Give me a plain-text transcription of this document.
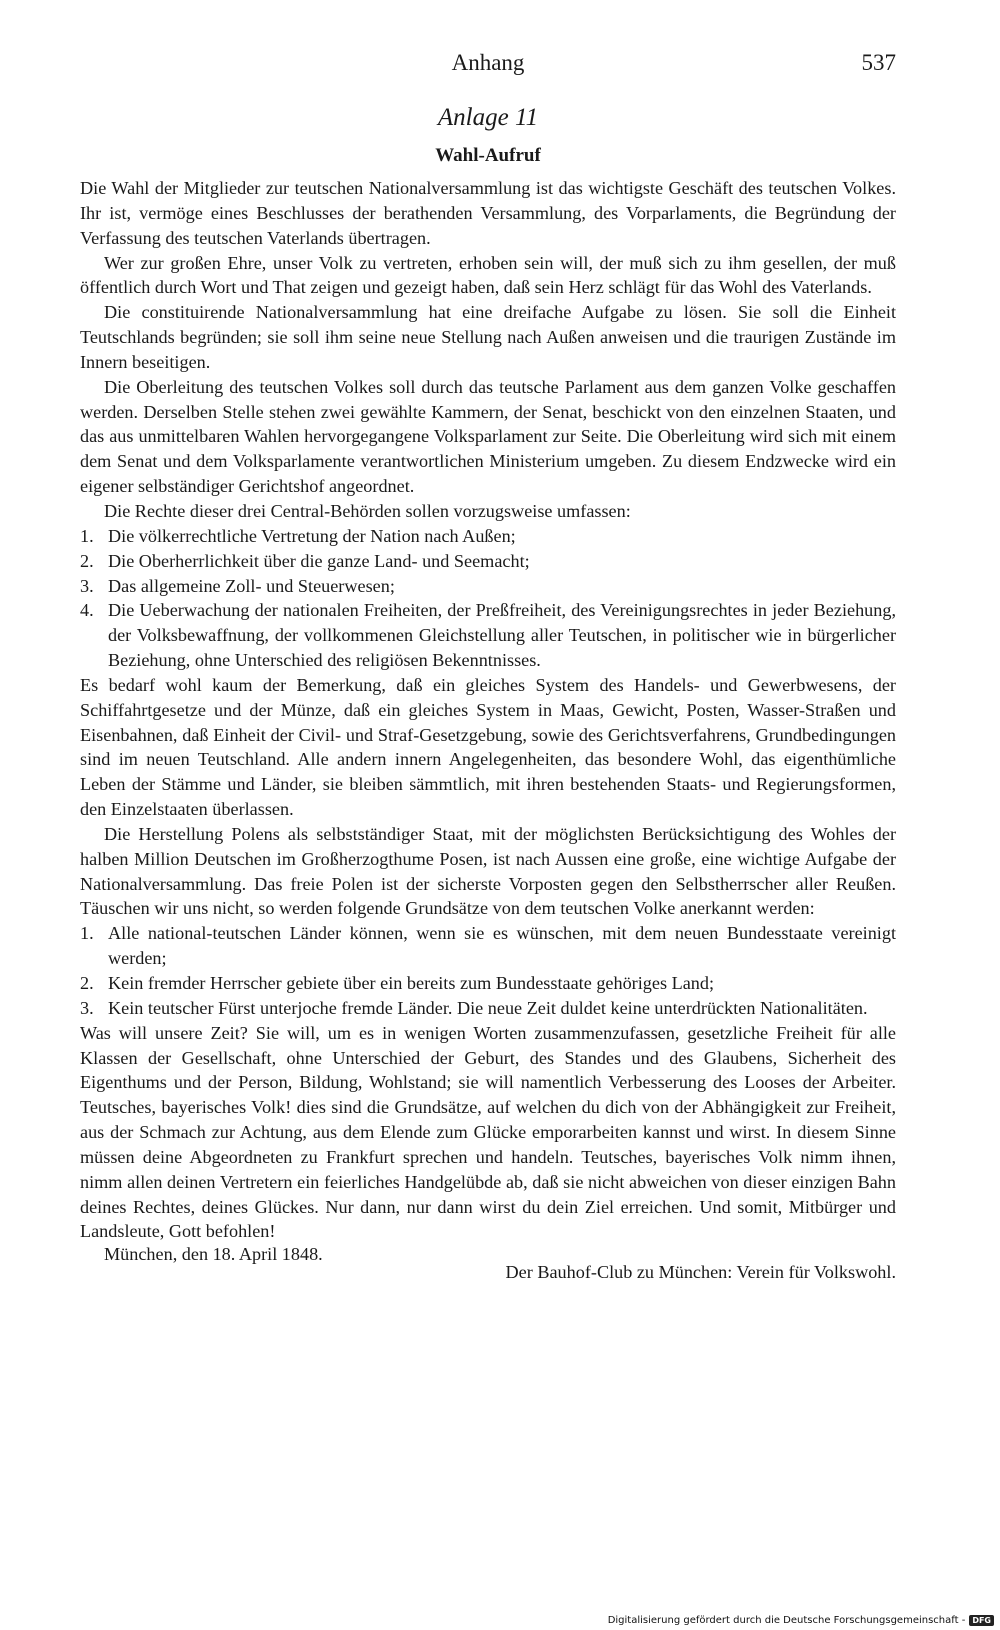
Anhang	537
Anlage 11
Wahl-Aufruf

Die Wahl der Mitglieder zur teutschen Nationalversammlung ist das wichtigste Geschäft des teutschen Volkes. Ihr ist, vermöge eines Beschlusses der berathenden Versammlung, des Vorparlaments, die Begründung der Verfassung des teutschen Vaterlands übertragen.

Wer zur großen Ehre, unser Volk zu vertreten, erhoben sein will, der muß sich zu ihm gesellen, der muß öffentlich durch Wort und That zeigen und gezeigt haben, daß sein Herz schlägt für das Wohl des Vaterlands.

Die constituirende Nationalversammlung hat eine dreifache Aufgabe zu lösen. Sie soll die Einheit Teutschlands begründen; sie soll ihm seine neue Stellung nach Außen anweisen und die traurigen Zustände im Innern beseitigen.

Die Oberleitung des teutschen Volkes soll durch das teutsche Parlament aus dem ganzen Volke geschaffen werden. Derselben Stelle stehen zwei gewählte Kammern, der Senat, beschickt von den einzelnen Staaten, und das aus unmittelbaren Wahlen hervorgegangene Volksparlament zur Seite. Die Oberleitung wird sich mit einem dem Senat und dem Volksparlamente verantwortlichen Ministerium umgeben. Zu diesem Endzwecke wird ein eigener selbständiger Gerichtshof angeordnet.

Die Rechte dieser drei Central-Behörden sollen vorzugsweise umfassen:

1. Die völkerrechtliche Vertretung der Nation nach Außen;
2. Die Oberherrlichkeit über die ganze Land- und Seemacht;
3. Das allgemeine Zoll- und Steuerwesen;
4. Die Ueberwachung der nationalen Freiheiten, der Preßfreiheit, des Vereinigungsrechtes in jeder Beziehung, der Volksbewaffnung, der vollkommenen Gleichstellung aller Teutschen, in politischer wie in bürgerlicher Beziehung, ohne Unterschied des religiösen Bekenntnisses.

Es bedarf wohl kaum der Bemerkung, daß ein gleiches System des Handels- und Gewerbwesens, der Schiffahrtgesetze und der Münze, daß ein gleiches System in Maas, Gewicht, Posten, Wasser-Straßen und Eisenbahnen, daß Einheit der Civil- und Straf-Gesetzgebung, sowie des Gerichtsverfahrens, Grundbedingungen sind im neuen Teutschland. Alle andern innern Angelegenheiten, das besondere Wohl, das eigenthümliche Leben der Stämme und Länder, sie bleiben sämmtlich, mit ihren bestehenden Staats- und Regierungsformen, den Einzelstaaten überlassen.

Die Herstellung Polens als selbstständiger Staat, mit der möglichsten Berücksichtigung des Wohles der halben Million Deutschen im Großherzogthume Posen, ist nach Aussen eine große, eine wichtige Aufgabe der Nationalversammlung. Das freie Polen ist der sicherste Vorposten gegen den Selbstherrscher aller Reußen. Täuschen wir uns nicht, so werden folgende Grundsätze von dem teutschen Volke anerkannt werden:

1. Alle national-teutschen Länder können, wenn sie es wünschen, mit dem neuen Bundesstaate vereinigt werden;
2. Kein fremder Herrscher gebiete über ein bereits zum Bundesstaate gehöriges Land;
3. Kein teutscher Fürst unterjoche fremde Länder. Die neue Zeit duldet keine unterdrückten Nationalitäten.

Was will unsere Zeit? Sie will, um es in wenigen Worten zusammenzufassen, gesetzliche Freiheit für alle Klassen der Gesellschaft, ohne Unterschied der Geburt, des Standes und des Glaubens, Sicherheit des Eigenthums und der Person, Bildung, Wohlstand; sie will namentlich Verbesserung des Looses der Arbeiter. Teutsches, bayerisches Volk! dies sind die Grundsätze, auf welchen du dich von der Abhängigkeit zur Freiheit, aus der Schmach zur Achtung, aus dem Elende zum Glücke emporarbeiten kannst und wirst. In diesem Sinne müssen deine Abgeordneten zu Frankfurt sprechen und handeln. Teutsches, bayerisches Volk nimm ihnen, nimm allen deinen Vertretern ein feierliches Handgelübde ab, daß sie nicht abweichen von dieser einzigen Bahn deines Rechtes, deines Glückes. Nur dann, nur dann wirst du dein Ziel erreichen. Und somit, Mitbürger und Landsleute, Gott befohlen!

München, den 18. April 1848.
Der Bauhof-Club zu München: Verein für Volkswohl.
Digitalisierung gefördert durch die Deutsche Forschungsgemeinschaft - DFG
